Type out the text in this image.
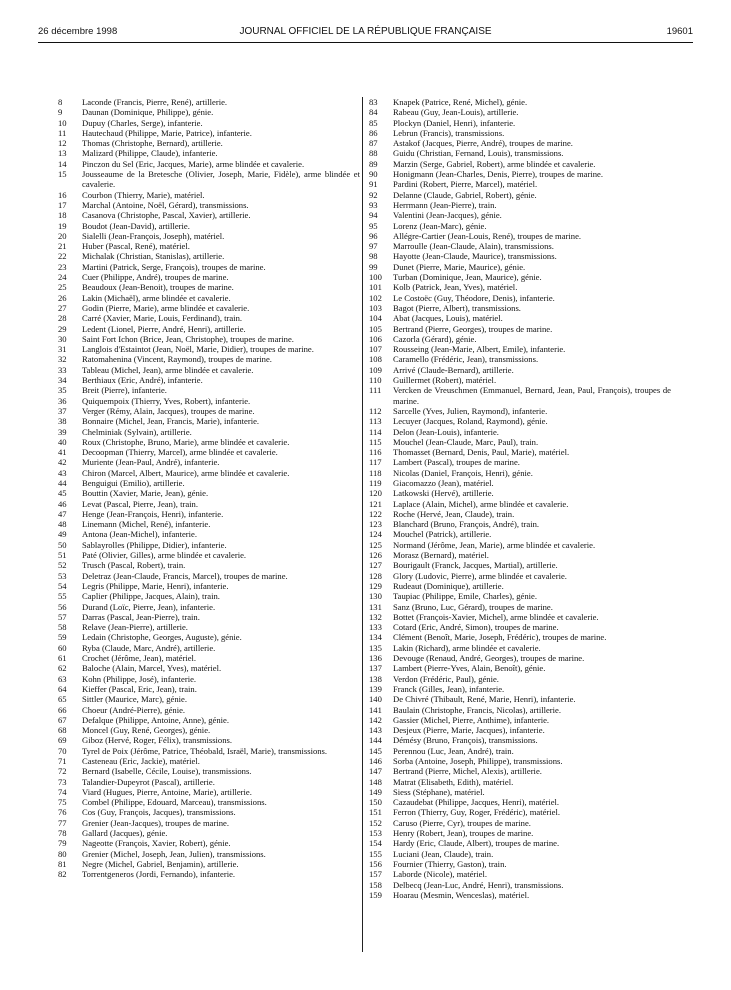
26 décembre 1998	JOURNAL OFFICIEL DE LA RÉPUBLIQUE FRANÇAISE	19601
8	Laconde (Francis, Pierre, René), artillerie.
9	Daunan (Dominique, Philippe), génie.
10	Dupuy (Charles, Serge), infanterie.
11	Hautechaud (Philippe, Marie, Patrice), infanterie.
12	Thomas (Christophe, Bernard), artillerie.
13	Malizard (Philippe, Claude), infanterie.
14	Pinczon du Sel (Eric, Jacques, Marie), arme blindée et cavalerie.
15	Jousseaume de la Bretesche (Olivier, Joseph, Marie, Fidèle), arme blindée et cavalerie.
16	Courbon (Thierry, Marie), matériel.
17	Marchal (Antoine, Noël, Gérard), transmissions.
18	Casanova (Christophe, Pascal, Xavier), artillerie.
19	Boudot (Jean-David), artillerie.
20	Sialelli (Jean-François, Joseph), matériel.
21	Huber (Pascal, René), matériel.
22	Michalak (Christian, Stanislas), artillerie.
23	Martini (Patrick, Serge, François), troupes de marine.
24	Cuer (Philippe, André), troupes de marine.
25	Beaudoux (Jean-Benoit), troupes de marine.
26	Lakin (Michaël), arme blindée et cavalerie.
27	Godin (Pierre, Marie), arme blindée et cavalerie.
28	Carré (Xavier, Marie, Louis, Ferdinand), train.
29	Ledent (Lionel, Pierre, André, Henri), artillerie.
30	Saint Fort Ichon (Brice, Jean, Christophe), troupes de marine.
31	Langlois d'Estaintot (Jean, Noël, Marie, Didier), troupes de marine.
32	Ratomahenina (Vincent, Raymond), troupes de marine.
33	Tableau (Michel, Jean), arme blindée et cavalerie.
34	Berthiaux (Eric, André), infanterie.
35	Breit (Pierre), infanterie.
36	Quiquempoix (Thierry, Yves, Robert), infanterie.
37	Verger (Rémy, Alain, Jacques), troupes de marine.
38	Bonnaire (Michel, Jean, Francis, Marie), infanterie.
39	Chelminiak (Sylvain), artillerie.
40	Roux (Christophe, Bruno, Marie), arme blindée et cavalerie.
41	Decoopman (Thierry, Marcel), arme blindée et cavalerie.
42	Muriente (Jean-Paul, André), infanterie.
43	Chiron (Marcel, Albert, Maurice), arme blindée et cavalerie.
44	Benguigui (Emilio), artillerie.
45	Bouttin (Xavier, Marie, Jean), génie.
46	Levat (Pascal, Pierre, Jean), train.
47	Henge (Jean-François, Henri), infanterie.
48	Linemann (Michel, René), infanterie.
49	Antona (Jean-Michel), infanterie.
50	Sablayrolles (Philippe, Didier), infanterie.
51	Paté (Olivier, Gilles), arme blindée et cavalerie.
52	Trusch (Pascal, Robert), train.
53	Deletraz (Jean-Claude, Francis, Marcel), troupes de marine.
54	Legris (Philippe, Marie, Henri), infanterie.
55	Caplier (Philippe, Jacques, Alain), train.
56	Durand (Loïc, Pierre, Jean), infanterie.
57	Darras (Pascal, Jean-Pierre), train.
58	Relave (Jean-Pierre), artillerie.
59	Ledain (Christophe, Georges, Auguste), génie.
60	Ryba (Claude, Marc, André), artillerie.
61	Crochet (Jérôme, Jean), matériel.
62	Baloche (Alain, Marcel, Yves), matériel.
63	Kohn (Philippe, José), infanterie.
64	Kieffer (Pascal, Eric, Jean), train.
65	Sittler (Maurice, Marc), génie.
66	Choeur (André-Pierre), génie.
67	Defalque (Philippe, Antoine, Anne), génie.
68	Moncel (Guy, René, Georges), génie.
69	Giboz (Hervé, Roger, Félix), transmissions.
70	Tyrel de Poix (Jérôme, Patrice, Théobald, Israël, Marie), transmissions.
71	Casteneau (Eric, Jackie), matériel.
72	Bernard (Isabelle, Cécile, Louise), transmissions.
73	Talandier-Dupeyrot (Pascal), artillerie.
74	Viard (Hugues, Pierre, Antoine, Marie), artillerie.
75	Combel (Philippe, Edouard, Marceau), transmissions.
76	Cos (Guy, François, Jacques), transmissions.
77	Grenier (Jean-Jacques), troupes de marine.
78	Gallard (Jacques), génie.
79	Nageotte (François, Xavier, Robert), génie.
80	Grenier (Michel, Joseph, Jean, Julien), transmissions.
81	Negre (Michel, Gabriel, Benjamin), artillerie.
82	Torrentgeneros (Jordi, Fernando), infanterie.
83	Knapek (Patrice, René, Michel), génie.
84	Rabeau (Guy, Jean-Louis), artillerie.
85	Plockyn (Daniel, Henri), infanterie.
86	Lebrun (Francis), transmissions.
87	Astakof (Jacques, Pierre, André), troupes de marine.
88	Guidu (Christian, Fernand, Louis), transmissions.
89	Marzin (Serge, Gabriel, Robert), arme blindée et cavalerie.
90	Honigmann (Jean-Charles, Denis, Pierre), troupes de marine.
91	Pardini (Robert, Pierre, Marcel), matériel.
92	Delanne (Claude, Gabriel, Robert), génie.
93	Herrmann (Jean-Pierre), train.
94	Valentini (Jean-Jacques), génie.
95	Lorenz (Jean-Marc), génie.
96	Allégre-Cartier (Jean-Louis, René), troupes de marine.
97	Marroulle (Jean-Claude, Alain), transmissions.
98	Hayotte (Jean-Claude, Maurice), transmissions.
99	Dunet (Pierre, Marie, Maurice), génie.
100	Turban (Dominique, Jean, Maurice), génie.
101	Kolb (Patrick, Jean, Yves), matériel.
102	Le Costoëc (Guy, Théodore, Denis), infanterie.
103	Bagot (Pierre, Albert), transmissions.
104	Abat (Jacques, Louis), matériel.
105	Bertrand (Pierre, Georges), troupes de marine.
106	Cazorla (Gérard), génie.
107	Rousseing (Jean-Marie, Albert, Emile), infanterie.
108	Caramello (Frédéric, Jean), transmissions.
109	Arrivé (Claude-Bernard), artillerie.
110	Guillermet (Robert), matériel.
111	Vercken de Vreuschmen (Emmanuel, Bernard, Jean, Paul, François), troupes de marine.
112	Sarcelle (Yves, Julien, Raymond), infanterie.
113	Lecuyer (Jacques, Roland, Raymond), génie.
114	Delon (Jean-Louis), infanterie.
115	Mouchel (Jean-Claude, Marc, Paul), train.
116	Thomasset (Bernard, Denis, Paul, Marie), matériel.
117	Lambert (Pascal), troupes de marine.
118	Nicolas (Daniel, François, Henri), génie.
119	Giacomazzo (Jean), matériel.
120	Latkowski (Hervé), artillerie.
121	Laplace (Alain, Michel), arme blindée et cavalerie.
122	Roche (Hervé, Jean, Claude), train.
123	Blanchard (Bruno, François, André), train.
124	Mouchel (Patrick), artillerie.
125	Normand (Jérôme, Jean, Marie), arme blindée et cavalerie.
126	Morasz (Bernard), matériel.
127	Bourigault (Franck, Jacques, Martial), artillerie.
128	Glory (Ludovic, Pierre), arme blindée et cavalerie.
129	Rudeaut (Dominique), artillerie.
130	Taupiac (Philippe, Emile, Charles), génie.
131	Sanz (Bruno, Luc, Gérard), troupes de marine.
132	Bottet (François-Xavier, Michel), arme blindée et cavalerie.
133	Cotard (Eric, André, Simon), troupes de marine.
134	Clément (Benoît, Marie, Joseph, Frédéric), troupes de marine.
135	Lakin (Richard), arme blindée et cavalerie.
136	Devouge (Renaud, André, Georges), troupes de marine.
137	Lambert (Pierre-Yves, Alain, Benoît), génie.
138	Verdon (Frédéric, Paul), génie.
139	Franck (Gilles, Jean), infanterie.
140	De Chivré (Thibault, René, Marie, Henri), infanterie.
141	Baulain (Christophe, Francis, Nicolas), artillerie.
142	Gassier (Michel, Pierre, Anthime), infanterie.
143	Desjeux (Pierre, Marie, Jacques), infanterie.
144	Démésy (Bruno, François), transmissions.
145	Perennou (Luc, Jean, André), train.
146	Sorba (Antoine, Joseph, Philippe), transmissions.
147	Bertrand (Pierre, Michel, Alexis), artillerie.
148	Matrat (Elisabeth, Edith), matériel.
149	Siess (Stéphane), matériel.
150	Cazaudebat (Philippe, Jacques, Henri), matériel.
151	Ferron (Thierry, Guy, Roger, Frédéric), matériel.
152	Caruso (Pierre, Cyr), troupes de marine.
153	Henry (Robert, Jean), troupes de marine.
154	Hardy (Eric, Claude, Albert), troupes de marine.
155	Luciani (Jean, Claude), train.
156	Fournier (Thierry, Gaston), train.
157	Laborde (Nicole), matériel.
158	Delbecq (Jean-Luc, André, Henri), transmissions.
159	Hoarau (Mesmin, Wenceslas), matériel.
